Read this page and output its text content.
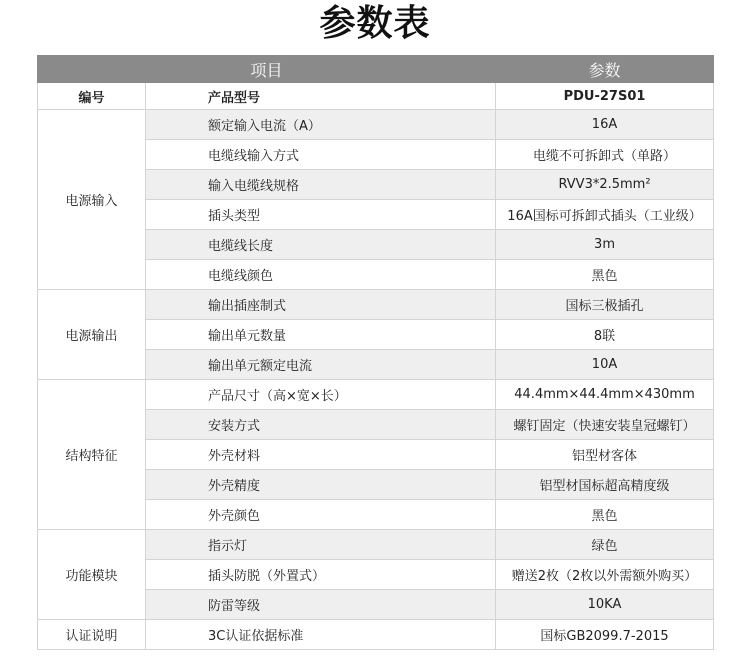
参数表
项目		参数
编号	产品型号	PDU-27S01
电源输入	额定输入电流（A）	16A
	电缆线输入方式	电缆不可拆卸式（单路）
	输入电缆线规格	RVV3*2.5mm²
	插头类型	16A国标可拆卸式插头（工业级）
	电缆线长度	3m
	电缆线颜色	黑色
电源输出	输出插座制式	国标三极插孔
	输出单元数量	8联
	输出单元额定电流	10A
结构特征	产品尺寸（高×宽×长）	44.4mm×44.4mm×430mm
	安装方式	螺钉固定（快速安装皇冠螺钉）
	外壳材料	铝型材客体
	外壳精度	铝型材国标超高精度级
	外壳颜色	黑色
功能模块	指示灯	绿色
	插头防脱（外置式）	赠送2枚（2枚以外需额外购买）
	防雷等级	10KA
认证说明	3C认证依据标准	国标GB2099.7-2015
